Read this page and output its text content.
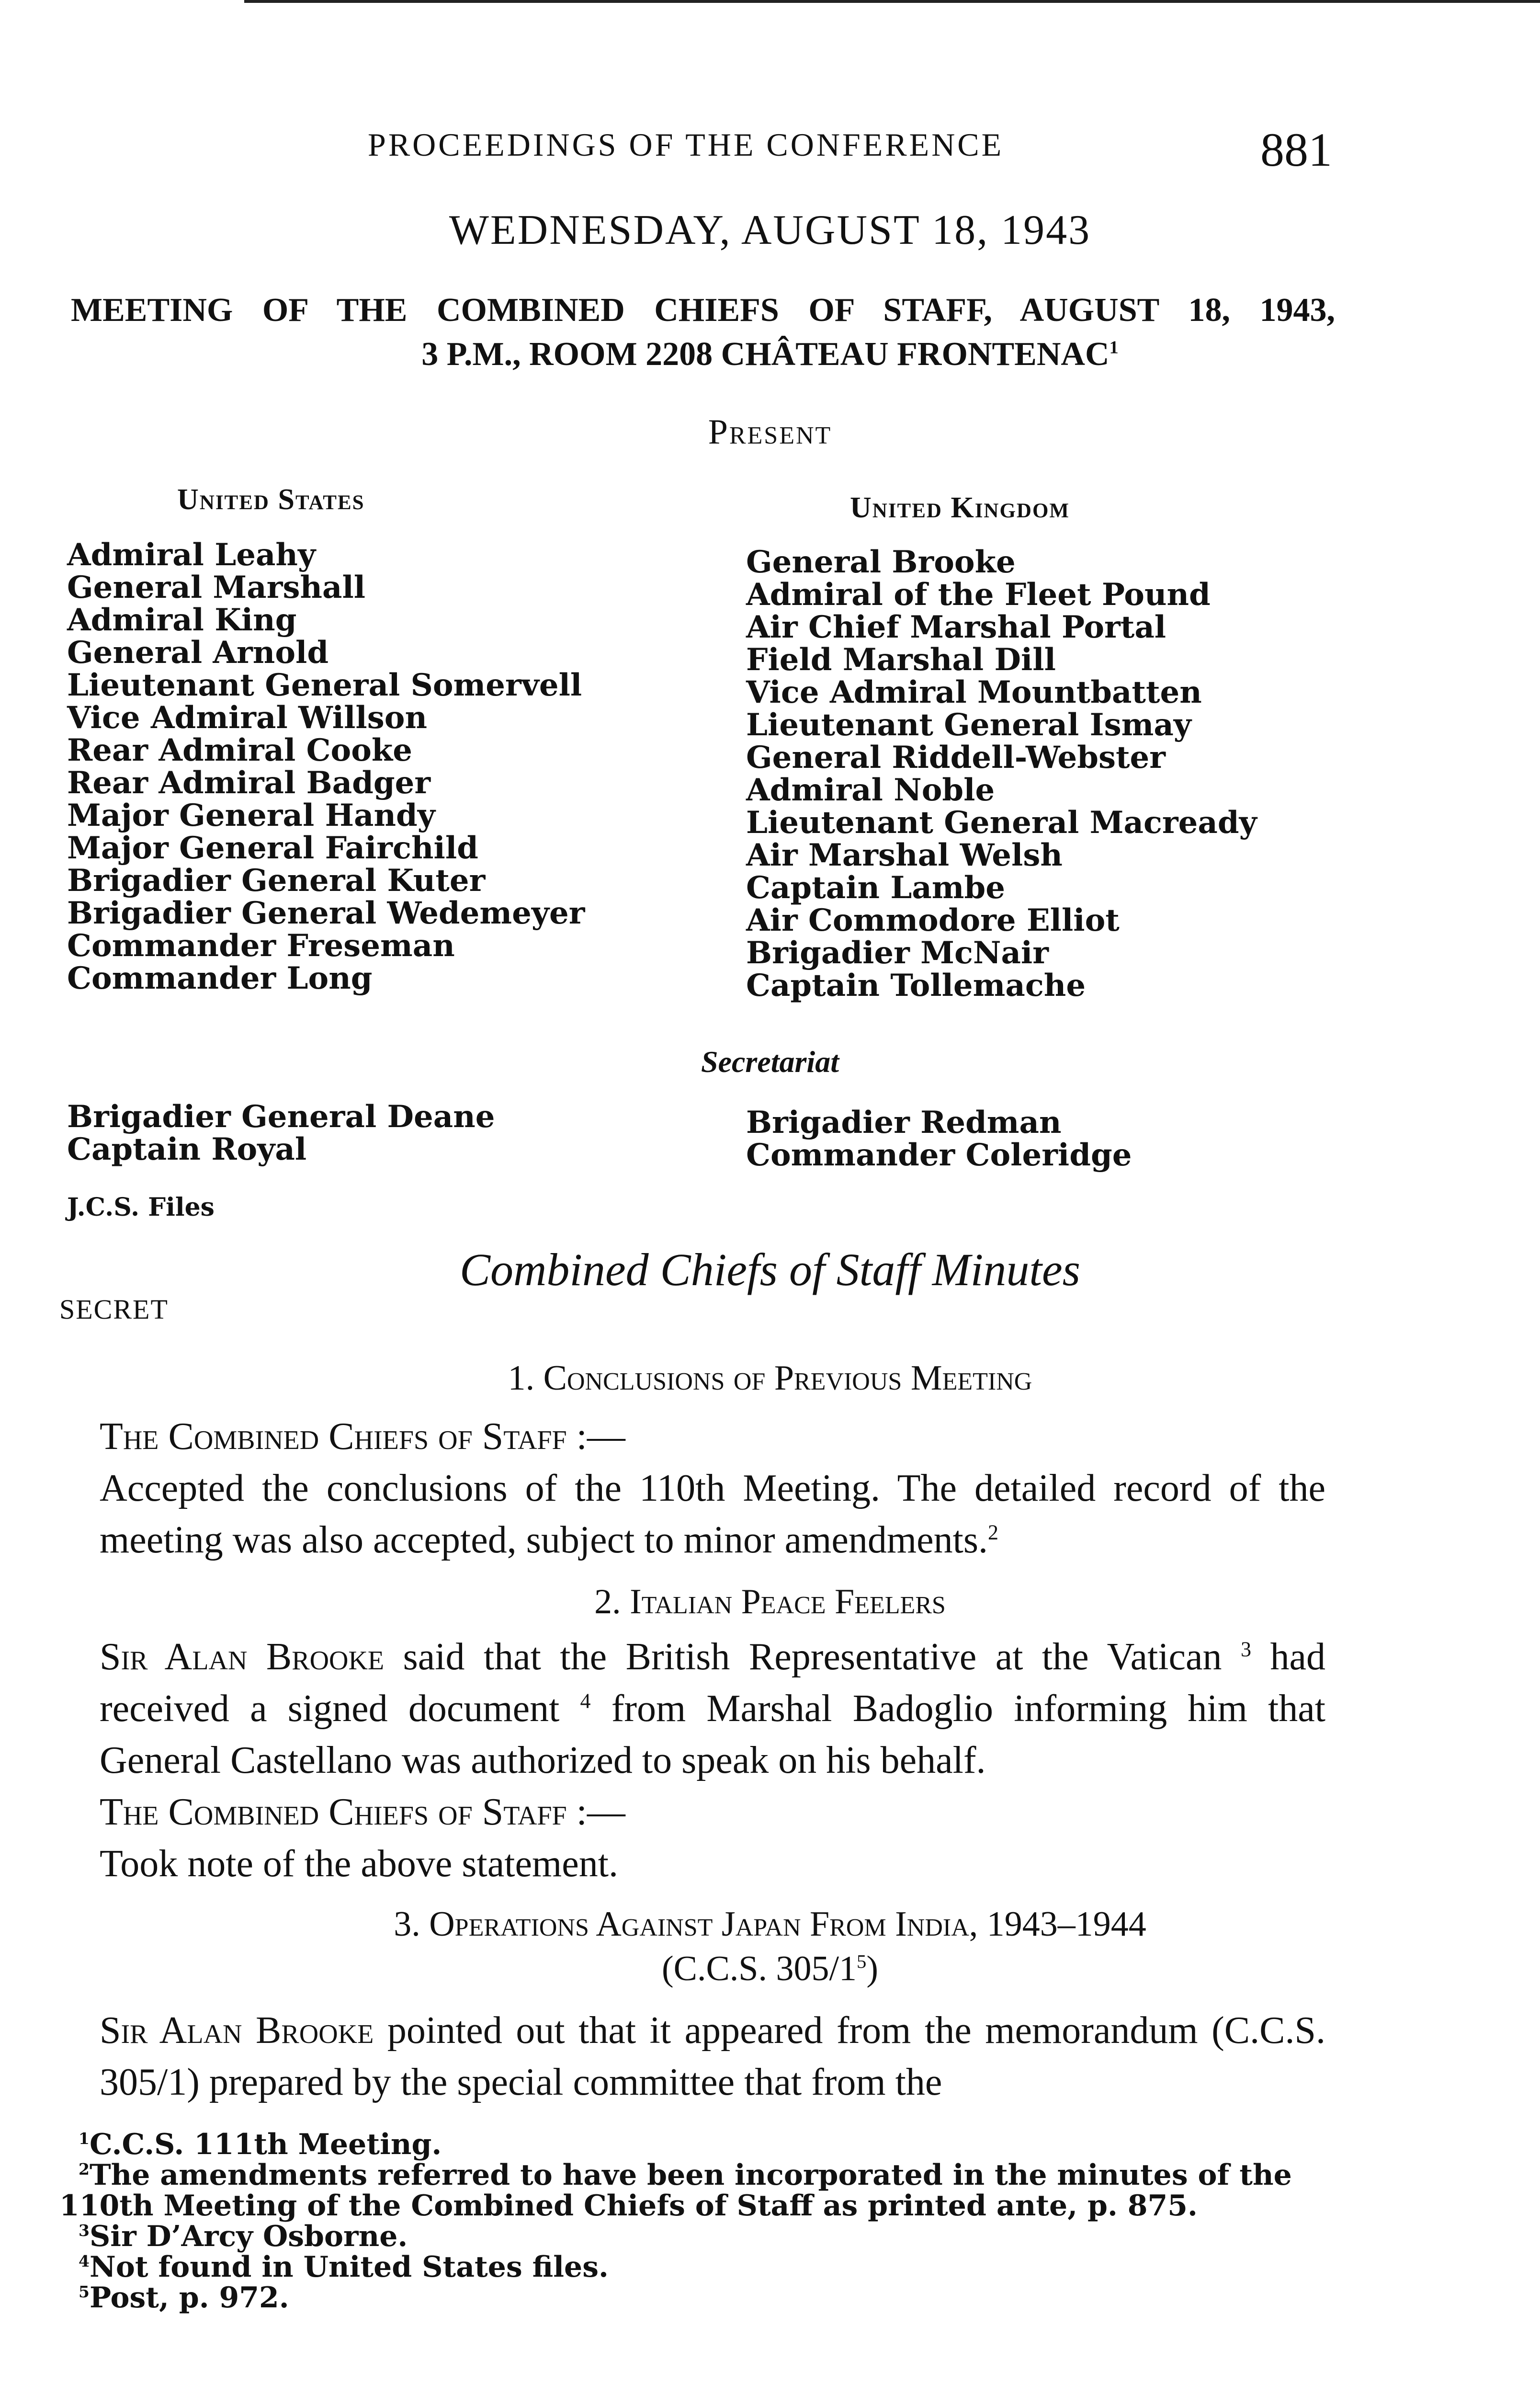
PROCEEDINGS OF THE CONFERENCE	881
WEDNESDAY, AUGUST 18, 1943
MEETING OF THE COMBINED CHIEFS OF STAFF, AUGUST 18, 1943,
3 P.M., ROOM 2208 CHÂTEAU FRONTENAC$^1$
Present
United States	United Kingdom
Admiral Leahy
General Marshall
Admiral King
General Arnold
Lieutenant General Somervell
Vice Admiral Willson
Rear Admiral Cooke
Rear Admiral Badger
Major General Handy
Major General Fairchild
Brigadier General Kuter
Brigadier General Wedemeyer
Commander Freseman
Commander Long
General Brooke
Admiral of the Fleet Pound
Air Chief Marshal Portal
Field Marshal Dill
Vice Admiral Mountbatten
Lieutenant General Ismay
General Riddell-Webster
Admiral Noble
Lieutenant General Macready
Air Marshal Welsh
Captain Lambe
Air Commodore Elliot
Brigadier McNair
Captain Tollemache
Secretariat
Brigadier General Deane
Captain Royal
Brigadier Redman
Commander Coleridge
J.C.S. Files
Combined Chiefs of Staff Minutes
SECRET
1. Conclusions of Previous Meeting
The Combined Chiefs of Staff :—
Accepted the conclusions of the 110th Meeting. The detailed record of the meeting was also accepted, subject to minor amendments.$^2$
2. Italian Peace Feelers
Sir Alan Brooke said that the British Representative at the Vatican $^3$ had received a signed document $^4$ from Marshal Badoglio informing him that General Castellano was authorized to speak on his behalf.
The Combined Chiefs of Staff :—
Took note of the above statement.
3. Operations Against Japan From India, 1943–1944
(C.C.S. $305/1^5$)
Sir Alan Brooke pointed out that it appeared from the memorandum (C.C.S. 305/1) prepared by the special committee that from the
$^1$C.C.S. 111th Meeting.
$^2$The amendments referred to have been incorporated in the minutes of the
110th Meeting of the Combined Chiefs of Staff as printed ante, p. 875.
$^3$Sir D’Arcy Osborne.
$^4$Not found in United States files.
$^5$Post, p. 972.
